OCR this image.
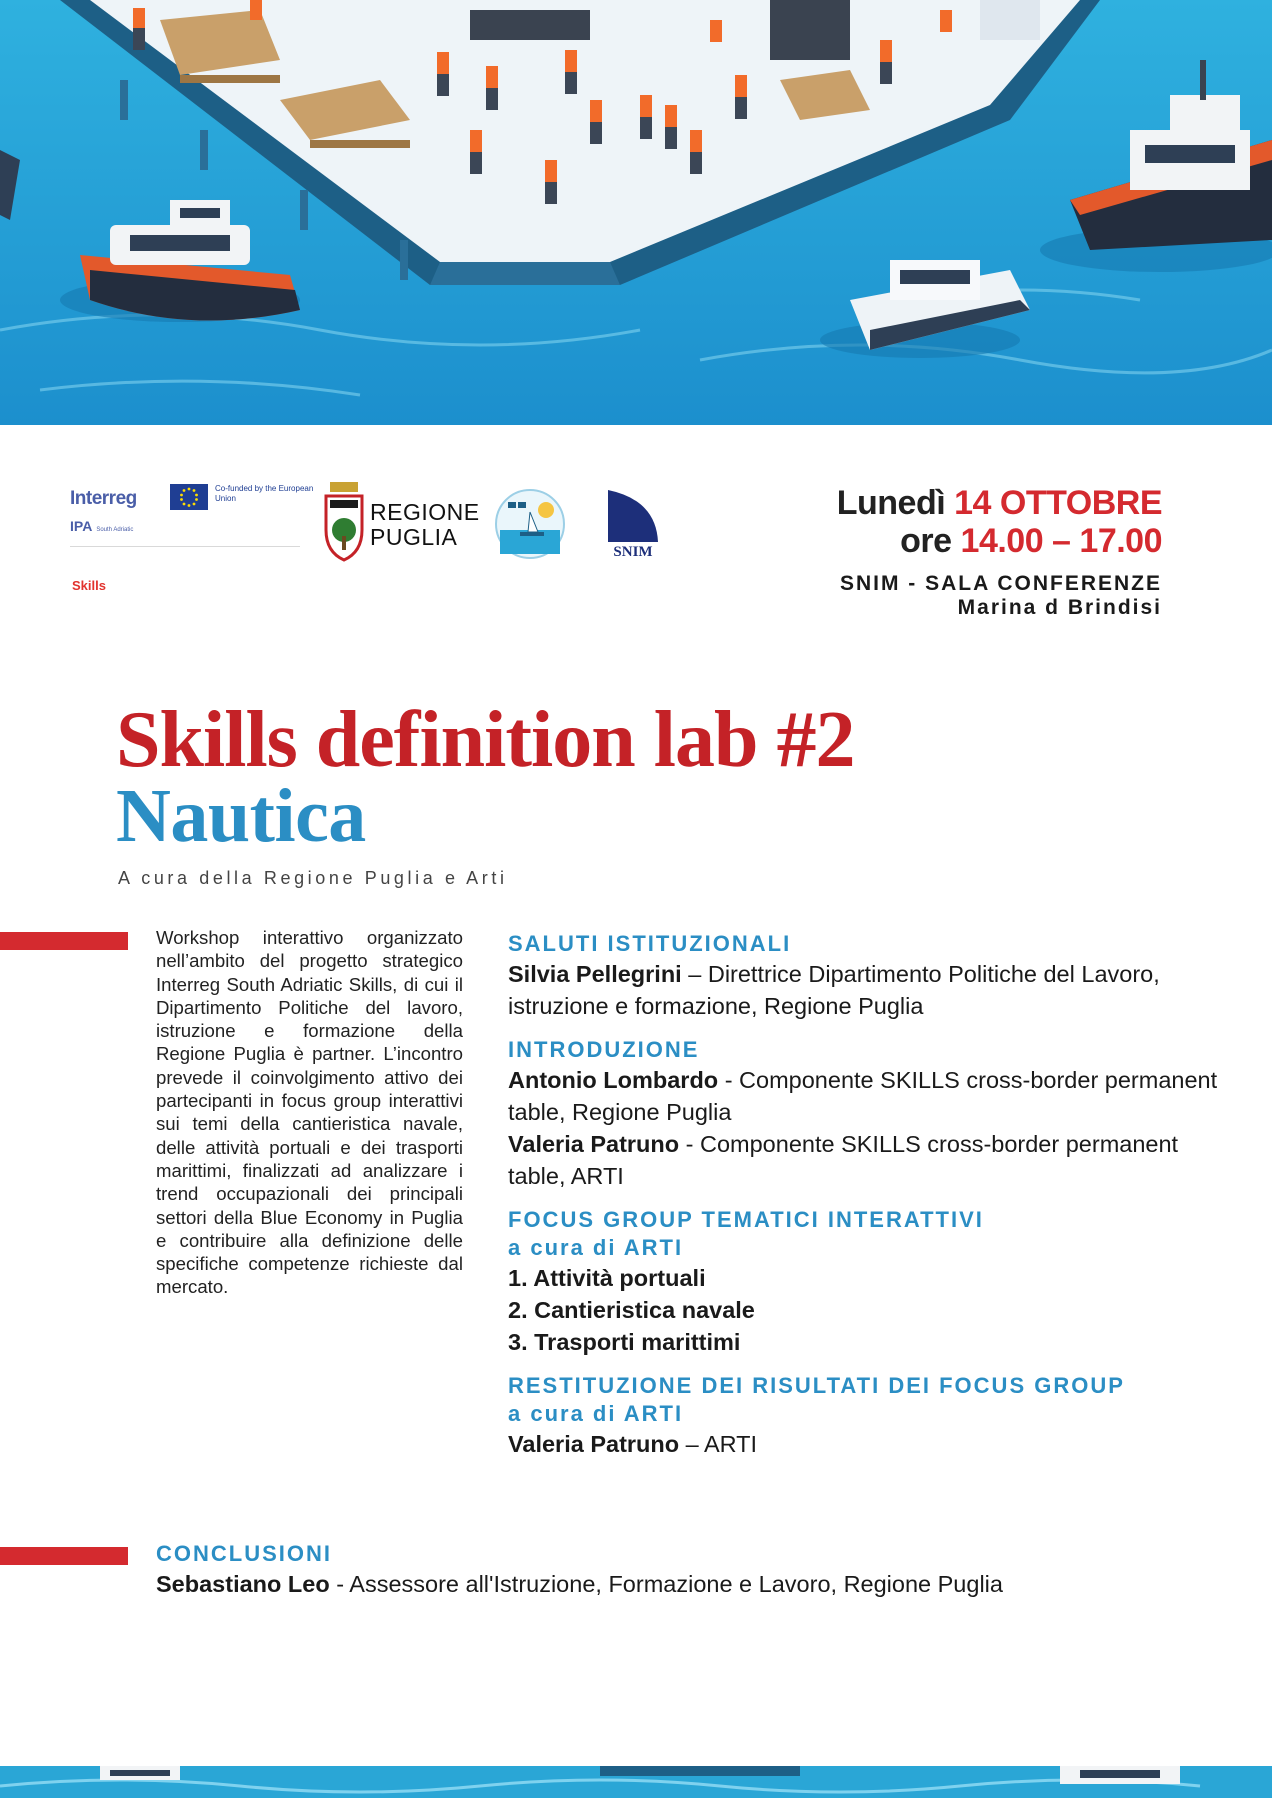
Interreg	Co-funded by the European Union
IPA South Adriatic
Skills
REGIONE PUGLIA
SNIM
Lunedì 14 OTTOBRE
ore 14.00 – 17.00
SNIM - SALA CONFERENZE
Marina d Brindisi
Skills definition lab #2
Nautica
A cura della Regione Puglia e Arti
Workshop interattivo organizzato nell’ambito del progetto strategico Interreg South Adriatic Skills, di cui il Dipartimento Politiche del lavoro, istruzione e formazione della Regione Puglia è partner. L’incontro prevede il coinvolgimento attivo dei partecipanti in focus group interattivi sui temi della cantieristica navale, delle attività portuali e dei trasporti marittimi, finalizzati ad analizzare i trend occupazionali dei principali settori della Blue Economy in Puglia e contribuire alla definizione delle specifiche competenze richieste dal mercato.
SALUTI ISTITUZIONALI
Silvia Pellegrini – Direttrice Dipartimento Politiche del Lavoro, istruzione e formazione, Regione Puglia
INTRODUZIONE
Antonio Lombardo - Componente SKILLS cross-border permanent table, Regione Puglia
Valeria Patruno - Componente SKILLS cross-border permanent table, ARTI
FOCUS GROUP TEMATICI INTERATTIVI
a cura di ARTI
1. Attività portuali
2. Cantieristica navale
3. Trasporti marittimi
RESTITUZIONE DEI RISULTATI DEI FOCUS GROUP
a cura di ARTI
Valeria Patruno – ARTI
CONCLUSIONI
Sebastiano Leo - Assessore all'Istruzione, Formazione e Lavoro, Regione Puglia
